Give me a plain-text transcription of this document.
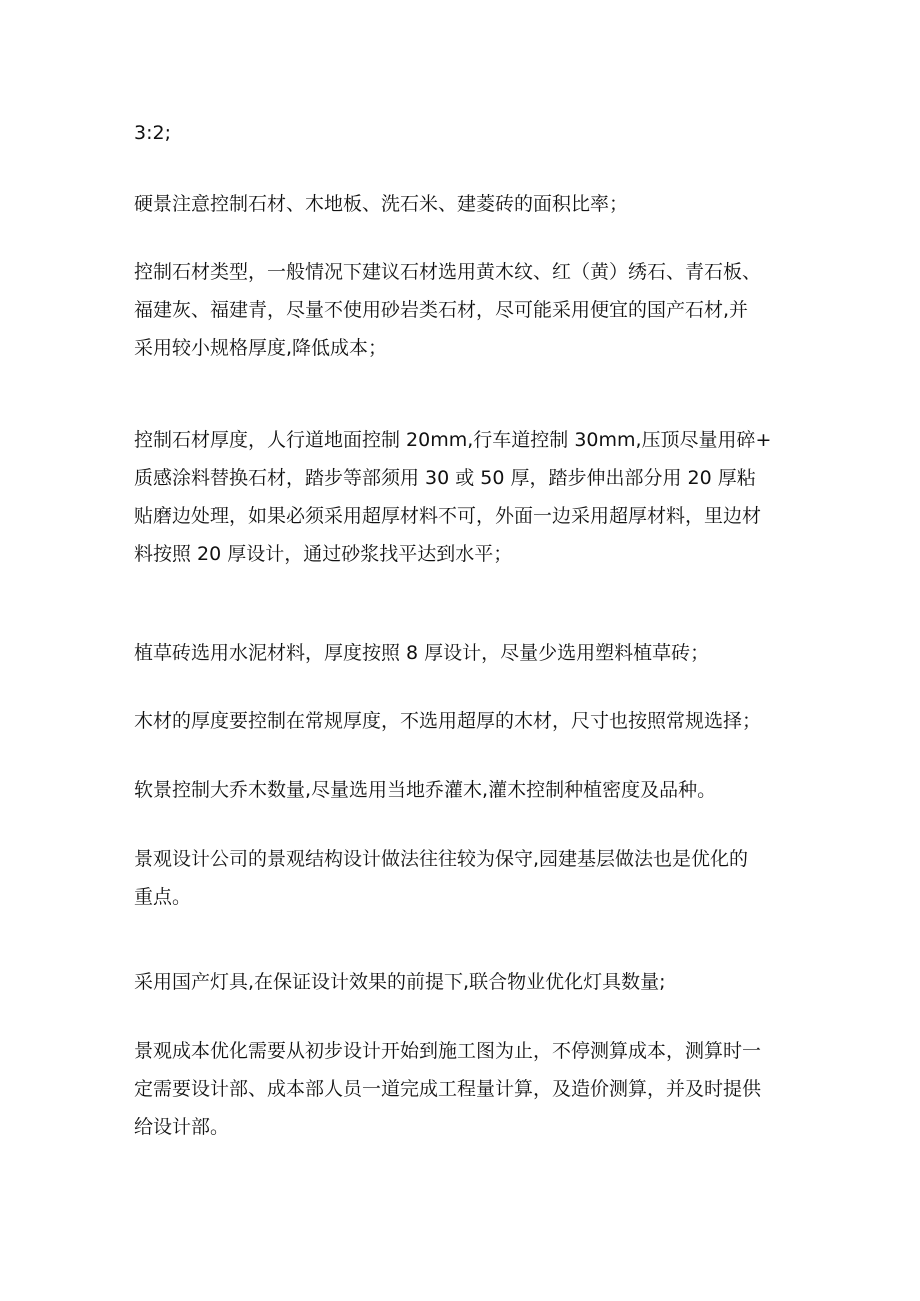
3:2;

硬景注意控制石材、木地板、洗石米、建菱砖的面积比率；

控制石材类型，一般情况下建议石材选用黄木纹、红（黄）绣石、青石板、
福建灰、福建青，尽量不使用砂岩类石材，尽可能采用便宜的国产石材,并
采用较小规格厚度,降低成本；

控制石材厚度，人行道地面控制 20mm,行车道控制 30mm,压顶尽量用碎+
质感涂料替换石材，踏步等部须用 30 或 50 厚，踏步伸出部分用 20 厚粘
贴磨边处理，如果必须采用超厚材料不可，外面一边采用超厚材料，里边材
料按照 20 厚设计，通过砂浆找平达到水平；

植草砖选用水泥材料，厚度按照 8 厚设计，尽量少选用塑料植草砖；

木材的厚度要控制在常规厚度，不选用超厚的木材，尺寸也按照常规选择；

软景控制大乔木数量,尽量选用当地乔灌木,灌木控制种植密度及品种。

景观设计公司的景观结构设计做法往往较为保守,园建基层做法也是优化的
重点。

采用国产灯具,在保证设计效果的前提下,联合物业优化灯具数量;

景观成本优化需要从初步设计开始到施工图为止，不停测算成本，测算时一
定需要设计部、成本部人员一道完成工程量计算，及造价测算，并及时提供
给设计部。
